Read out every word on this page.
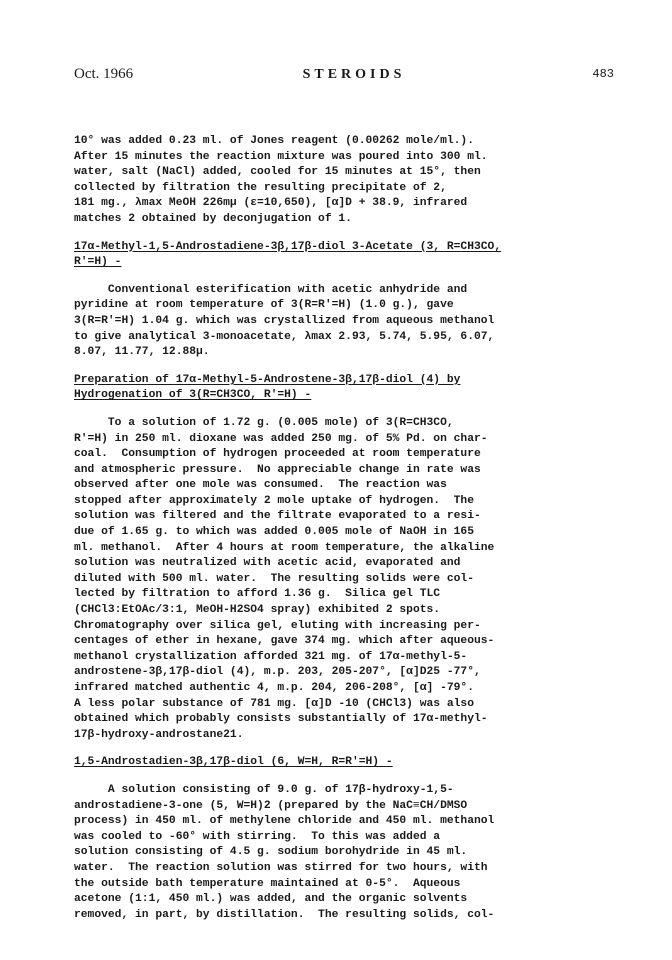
Oct. 1966	STEROIDS	483

10° was added 0.23 ml. of Jones reagent (0.00262 mole/ml.).

After 15 minutes the reaction mixture was poured into 300 ml.

water, salt (NaCl) added, cooled for 15 minutes at 15°, then

collected by filtration the resulting precipitate of 2,

181 mg., λmax MeOH 226mμ (ε=10,650), [α]D + 38.9, infrared

matches 2 obtained by deconjugation of 1.

17α-Methyl-1,5-Androstadiene-3β,17β-diol 3-Acetate (3, R=CH3CO,

R'=H) -

Conventional esterification with acetic anhydride and

pyridine at room temperature of 3(R=R'=H) (1.0 g.), gave

3(R=R'=H) 1.04 g. which was crystallized from aqueous methanol

to give analytical 3-monoacetate, λmax 2.93, 5.74, 5.95, 6.07,

8.07, 11.77, 12.88μ.

Preparation of 17α-Methyl-5-Androstene-3β,17β-diol (4) by

Hydrogenation of 3(R=CH3CO, R'=H) -

To a solution of 1.72 g. (0.005 mole) of 3(R=CH3CO,

R'=H) in 250 ml. dioxane was added 250 mg. of 5% Pd. on char-

coal.  Consumption of hydrogen proceeded at room temperature

and atmospheric pressure.  No appreciable change in rate was

observed after one mole was consumed.  The reaction was

stopped after approximately 2 mole uptake of hydrogen.  The

solution was filtered and the filtrate evaporated to a resi-

due of 1.65 g. to which was added 0.005 mole of NaOH in 165

ml. methanol.  After 4 hours at room temperature, the alkaline

solution was neutralized with acetic acid, evaporated and

diluted with 500 ml. water.  The resulting solids were col-

lected by filtration to afford 1.36 g.  Silica gel TLC

(CHCl3:EtOAc/3:1, MeOH-H2SO4 spray) exhibited 2 spots.

Chromatography over silica gel, eluting with increasing per-

centages of ether in hexane, gave 374 mg. which after aqueous-

methanol crystallization afforded 321 mg. of 17α-methyl-5-

androstene-3β,17β-diol (4), m.p. 203, 205-207°, [α]D25 -77°,

infrared matched authentic 4, m.p. 204, 206-208°, [α] -79°.

A less polar substance of 781 mg. [α]D -10 (CHCl3) was also

obtained which probably consists substantially of 17α-methyl-

17β-hydroxy-androstane21.

1,5-Androstadien-3β,17β-diol (6, W=H, R=R'=H) -

A solution consisting of 9.0 g. of 17β-hydroxy-1,5-

androstadiene-3-one (5, W=H)2 (prepared by the NaC≡CH/DMSO

process) in 450 ml. of methylene chloride and 450 ml. methanol

was cooled to -60° with stirring.  To this was added a

solution consisting of 4.5 g. sodium borohydride in 45 ml.

water.  The reaction solution was stirred for two hours, with

the outside bath temperature maintained at 0-5°.  Aqueous

acetone (1:1, 450 ml.) was added, and the organic solvents

removed, in part, by distillation.  The resulting solids, col-
